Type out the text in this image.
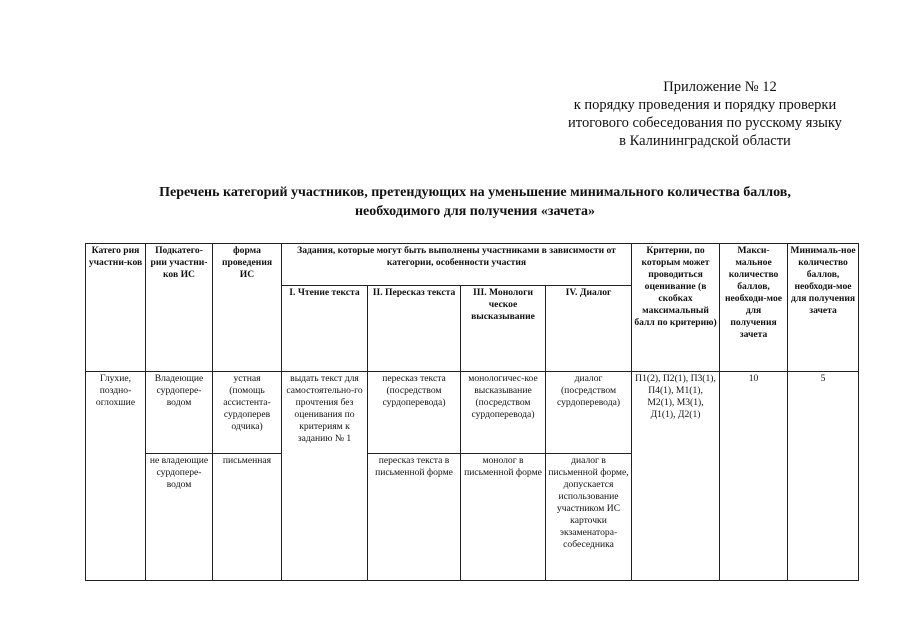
Приложение № 12
к порядку проведения и порядку проверки
итогового собеседования по русскому языку
в Калининградской области
Перечень категорий участников, претендующих на уменьшение минимального количества баллов,
необходимого для получения «зачета»
Катего рия участни-ков	Подкатего-рии участни-ков ИС	форма проведения ИС	Задания, которые могут быть выполнены участниками в зависимости от категории, особенности участия				Критерии, по которым может проводиться оценивание (в скобках максимальный балл по критерию)	Макси-мальное количество баллов, необходи-мое для получения зачета	Минималь-ное количество баллов, необходи-мое для получения зачета
			I. Чтение текста	II. Пересказ текста	III. Монологи ческое высказывание	IV. Диалог			
Глухие, поздно-оглохшие	Владеющие сурдопере-водом	устная (помощь ассистента-сурдоперев одчика)	выдать текст для самостоятельно-го прочтения без оценивания по критериям к заданию № 1	пересказ текста (посредством сурдоперевода)	монологичес-кое высказывание (посредством сурдоперевода)	диалог (посредством сурдоперевода)	П1(2), П2(1), П3(1), П4(1), М1(1), М2(1), М3(1), Д1(1), Д2(1)	10	5
	не владеющие сурдопере-водом	письменная		пересказ текста в письменной форме	монолог в письменной форме	диалог в письменной форме, допускается использование участником ИС карточки экзаменатора-собеседника			
